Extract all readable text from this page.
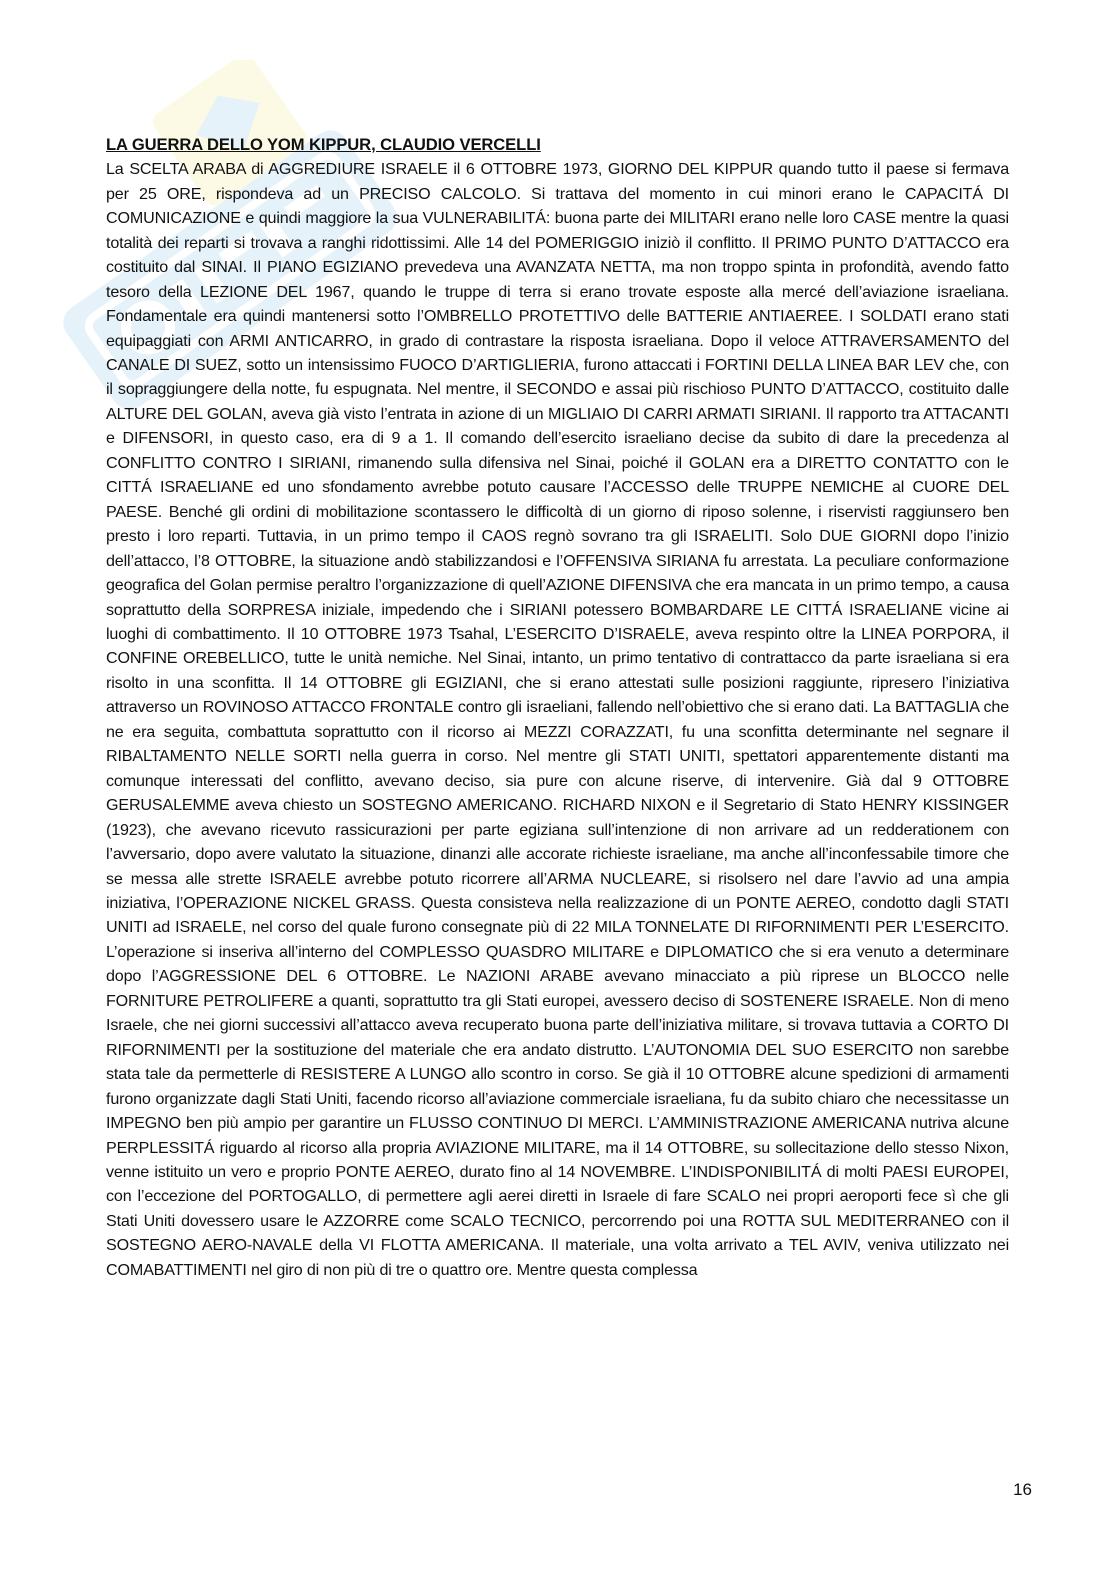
LA GUERRA DELLO YOM KIPPUR, CLAUDIO VERCELLI

La SCELTA ARABA di AGGREDIURE ISRAELE il 6 OTTOBRE 1973, GIORNO DEL KIPPUR quando tutto il paese si fermava per 25 ORE, rispondeva ad un PRECISO CALCOLO. Si trattava del momento in cui minori erano le CAPACITÁ DI COMUNICAZIONE e quindi maggiore la sua VULNERABILITÁ: buona parte dei MILITARI erano nelle loro CASE mentre la quasi totalità dei reparti si trovava a ranghi ridottissimi. Alle 14 del POMERIGGIO iniziò il conflitto. Il PRIMO PUNTO D’ATTACCO era costituito dal SINAI. Il PIANO EGIZIANO prevedeva una AVANZATA NETTA, ma non troppo spinta in profondità, avendo fatto tesoro della LEZIONE DEL 1967, quando le truppe di terra si erano trovate esposte alla mercé dell’aviazione israeliana. Fondamentale era quindi mantenersi sotto l’OMBRELLO PROTETTIVO delle BATTERIE ANTIAEREE. I SOLDATI erano stati equipaggiati con ARMI ANTICARRO, in grado di contrastare la risposta israeliana. Dopo il veloce ATTRAVERSAMENTO del CANALE DI SUEZ, sotto un intensissimo FUOCO D’ARTIGLIERIA, furono attaccati i FORTINI DELLA LINEA BAR LEV che, con il sopraggiungere della notte, fu espugnata. Nel mentre, il SECONDO e assai più rischioso PUNTO D’ATTACCO, costituito dalle ALTURE DEL GOLAN, aveva già visto l’entrata in azione di un MIGLIAIO DI CARRI ARMATI SIRIANI. Il rapporto tra ATTACANTI e DIFENSORI, in questo caso, era di 9 a 1. Il comando dell’esercito israeliano decise da subito di dare la precedenza al CONFLITTO CONTRO I SIRIANI, rimanendo sulla difensiva nel Sinai, poiché il GOLAN era a DIRETTO CONTATTO con le CITTÁ ISRAELIANE ed uno sfondamento avrebbe potuto causare l’ACCESSO delle TRUPPE NEMICHE al CUORE DEL PAESE. Benché gli ordini di mobilitazione scontassero le difficoltà di un giorno di riposo solenne, i riservisti raggiunsero ben presto i loro reparti. Tuttavia, in un primo tempo il CAOS regnò sovrano tra gli ISRAELITI. Solo DUE GIORNI dopo l’inizio dell’attacco, l’8 OTTOBRE, la situazione andò stabilizzandosi e l’OFFENSIVA SIRIANA fu arrestata. La peculiare conformazione geografica del Golan permise peraltro l’organizzazione di quell’AZIONE DIFENSIVA che era mancata in un primo tempo, a causa soprattutto della SORPRESA iniziale, impedendo che i SIRIANI potessero BOMBARDARE LE CITTÁ ISRAELIANE vicine ai luoghi di combattimento. Il 10 OTTOBRE 1973 Tsahal, L’ESERCITO D’ISRAELE, aveva respinto oltre la LINEA PORPORA, il CONFINE OREBELLICO, tutte le unità nemiche. Nel Sinai, intanto, un primo tentativo di contrattacco da parte israeliana si era risolto in una sconfitta. Il 14 OTTOBRE gli EGIZIANI, che si erano attestati sulle posizioni raggiunte, ripresero l’iniziativa attraverso un ROVINOSO ATTACCO FRONTALE contro gli israeliani, fallendo nell’obiettivo che si erano dati. La BATTAGLIA che ne era seguita, combattuta soprattutto con il ricorso ai MEZZI CORAZZATI, fu una sconfitta determinante nel segnare il RIBALTAMENTO NELLE SORTI nella guerra in corso. Nel mentre gli STATI UNITI, spettatori apparentemente distanti ma comunque interessati del conflitto, avevano deciso, sia pure con alcune riserve, di intervenire. Già dal 9 OTTOBRE GERUSALEMME aveva chiesto un SOSTEGNO AMERICANO. RICHARD NIXON e il Segretario di Stato HENRY KISSINGER (1923), che avevano ricevuto rassicurazioni per parte egiziana sull’intenzione di non arrivare ad un redderationem con l’avversario, dopo avere valutato la situazione, dinanzi alle accorate richieste israeliane, ma anche all’inconfessabile timore che se messa alle strette ISRAELE avrebbe potuto ricorrere all’ARMA NUCLEARE, si risolsero nel dare l’avvio ad una ampia iniziativa, l’OPERAZIONE NICKEL GRASS. Questa consisteva nella realizzazione di un PONTE AEREO, condotto dagli STATI UNITI ad ISRAELE, nel corso del quale furono consegnate più di 22 MILA TONNELATE DI RIFORNIMENTI PER L’ESERCITO. L’operazione si inseriva all’interno del COMPLESSO QUASDRO MILITARE e DIPLOMATICO che si era venuto a determinare dopo l’AGGRESSIONE DEL 6 OTTOBRE. Le NAZIONI ARABE avevano minacciato a più riprese un BLOCCO nelle FORNITURE PETROLIFERE a quanti, soprattutto tra gli Stati europei, avessero deciso di SOSTENERE ISRAELE. Non di meno Israele, che nei giorni successivi all’attacco aveva recuperato buona parte dell’iniziativa militare, si trovava tuttavia a CORTO DI RIFORNIMENTI per la sostituzione del materiale che era andato distrutto. L’AUTONOMIA DEL SUO ESERCITO non sarebbe stata tale da permetterle di RESISTERE A LUNGO allo scontro in corso. Se già il 10 OTTOBRE alcune spedizioni di armamenti furono organizzate dagli Stati Uniti, facendo ricorso all’aviazione commerciale israeliana, fu da subito chiaro che necessitasse un IMPEGNO ben più ampio per garantire un FLUSSO CONTINUO DI MERCI. L’AMMINISTRAZIONE AMERICANA nutriva alcune PERPLESSITÁ riguardo al ricorso alla propria AVIAZIONE MILITARE, ma il 14 OTTOBRE, su sollecitazione dello stesso Nixon, venne istituito un vero e proprio PONTE AEREO, durato fino al 14 NOVEMBRE. L’INDISPONIBILITÁ di molti PAESI EUROPEI, con l’eccezione del PORTOGALLO, di permettere agli aerei diretti in Israele di fare SCALO nei propri aeroporti fece sì che gli Stati Uniti dovessero usare le AZZORRE come SCALO TECNICO, percorrendo poi una ROTTA SUL MEDITERRANEO con il SOSTEGNO AERO-NAVALE della VI FLOTTA AMERICANA. Il materiale, una volta arrivato a TEL AVIV, veniva utilizzato nei COMABATTIMENTI nel giro di non più di tre o quattro ore. Mentre questa complessa

16
